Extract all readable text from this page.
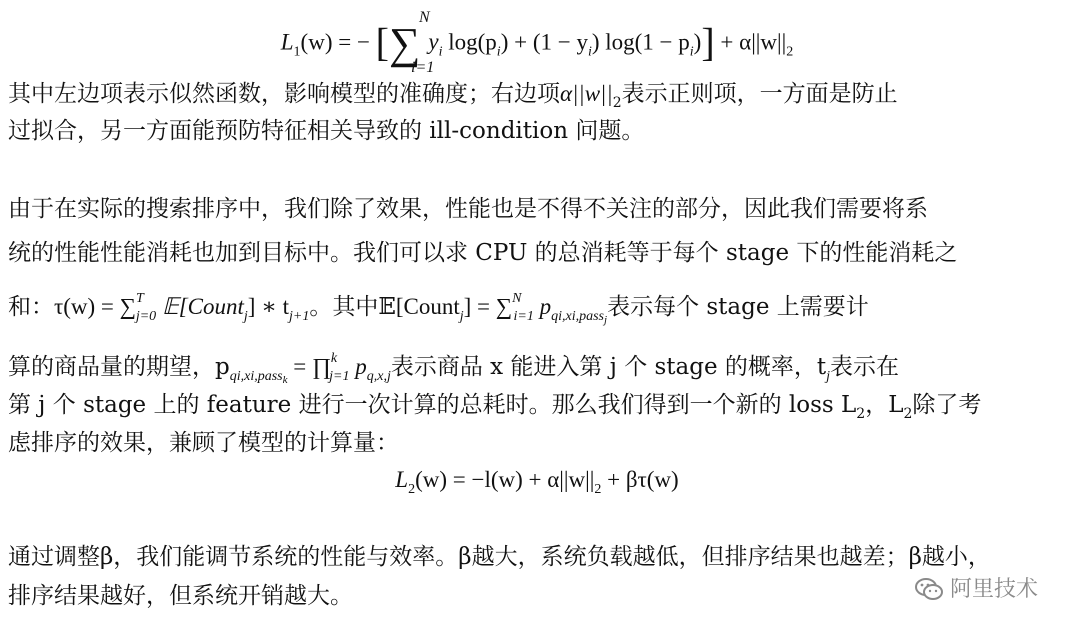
$L_1(w)$ = − [∑
N
i=1
$y_i$ $\log(p_i) + (1 - y_i) \log(1 - p_i)] + \alpha||w||_2$
其中左边项表示似然函数，影响模型的准确度；右边项$\alpha||w||_2$表示正则项，一方面是防止
过拟合，另一方面能预防特征相关导致的 ill-condition 问题。
由于在实际的搜索排序中，我们除了效果，性能也是不得不关注的部分，因此我们需要将系
统的性能性能消耗也加到目标中。我们可以求 CPU 的总消耗等于每个 stage 下的性能消耗之
和：τ(w) = ∑$^T_{j=0}$ 𝔼[Count$_j$] ∗ $t_{j+1}$。其中𝔼[Count$_j$] = ∑$^N_{i=1}$ $p_{qi,xi,passj}$表示每个 stage 上需要计
算的商品量的期望，$p_{qi,xi,passk}$ = ∏$^k_{j=1}$ $p_{q,x,j}$表示商品 x 能进入第 j 个 stage 的概率，$t_j$表示在
第 j 个 stage 上的 feature 进行一次计算的总耗时。那么我们得到一个新的 loss $L_2$，$L_2$除了考
虑排序的效果，兼顾了模型的计算量：
$L_2(w) = -l(w) + \alpha||w||_2 + \beta\tau(w)$
通过调整β，我们能调节系统的性能与效率。β越大，系统负载越低，但排序结果也越差；β越小，
排序结果越好，但系统开销越大。	阿里技术
